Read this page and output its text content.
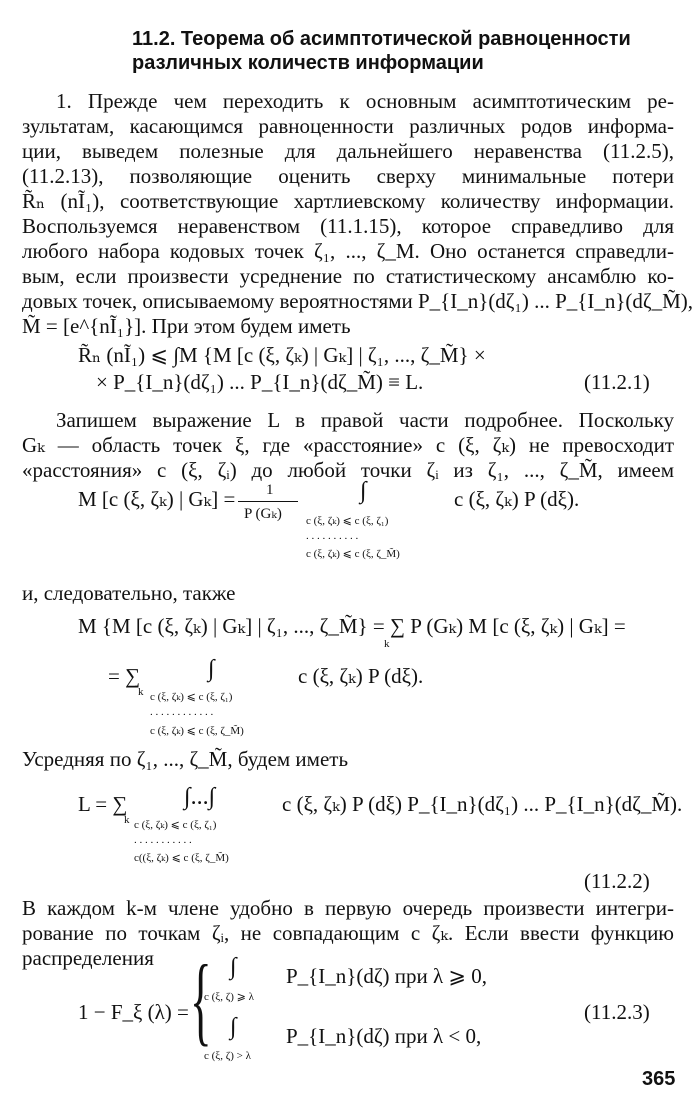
11.2. Теорема об асимптотической равноценности
различных количеств информации
1. Прежде чем переходить к основным асимптотическим ре-
зультатам, касающимся равноценности различных родов информа-
ции, выведем полезные для дальнейшего неравенства (11.2.5),
(11.2.13), позволяющие оценить сверху минимальные потери
R̃ₙ (nĨ₁), соответствующие хартлиевскому количеству информации.
Воспользуемся неравенством (11.1.15), которое справедливо для
любого набора кодовых точек ζ₁, ..., ζ_M. Оно останется справедли-
вым, если произвести усреднение по статистическому ансамблю ко-
довых точек, описываемому вероятностями P_{I_n}(dζ₁) ... P_{I_n}(dζ_M̃),
M̃ = [e^{nĨ₁}]. При этом будем иметь
R̃ₙ (nĨ₁) ⩽ ∫M {M [c (ξ, ζₖ) | Gₖ] | ζ₁, ..., ζ_M̃} ×
× P_{I_n}(dζ₁) ... P_{I_n}(dζ_M̃) ≡ L.	(11.2.1)
Запишем выражение L в правой части подробнее. Поскольку
Gₖ — область точек ξ, где «расстояние» c (ξ, ζₖ) не превосходит
«расстояния» c (ξ, ζᵢ) до любой точки ζᵢ из ζ₁, ..., ζ_M̃, имеем
M [c (ξ, ζₖ) | Gₖ] = 1
P (Gₖ)
∫
c (ξ, ζₖ) ⩽ c (ξ, ζ₁)
. . . . . . . . . .
c (ξ, ζₖ) ⩽ c (ξ, ζ_M̃)
c (ξ, ζₖ) P (dξ).
и, следовательно, также
M {M [c (ξ, ζₖ) | Gₖ] | ζ₁, ..., ζ_M̃} = ∑ P (Gₖ) M [c (ξ, ζₖ) | Gₖ] =
k
= ∑
k
∫
c (ξ, ζₖ) ⩽ c (ξ, ζ₁)
. . . . . . . . . . . .
c (ξ, ζₖ) ⩽ c (ξ, ζ_M̃)
c (ξ, ζₖ) P (dξ).
Усредняя по ζ₁, ..., ζ_M̃, будем иметь
L = ∑
k
∫...∫
c (ξ, ζₖ) ⩽ c (ξ, ζ₁)
. . . . . . . . . . .
c((ξ, ζₖ) ⩽ c (ξ, ζ_M̃)
c (ξ, ζₖ) P (dξ) P_{I_n}(dζ₁) ... P_{I_n}(dζ_M̃).
(11.2.2)
В каждом k-м члене удобно в первую очередь произвести интегри-
рование по точкам ζᵢ, не совпадающим с ζₖ. Если ввести функцию
распределения
1 − F_ξ (λ) = { ∫
c (ξ, ζ) ⩾ λ
P_{I_n}(dζ) при λ ⩾ 0,
∫
c (ξ, ζ) > λ
P_{I_n}(dζ) при λ < 0,
(11.2.3)
365
